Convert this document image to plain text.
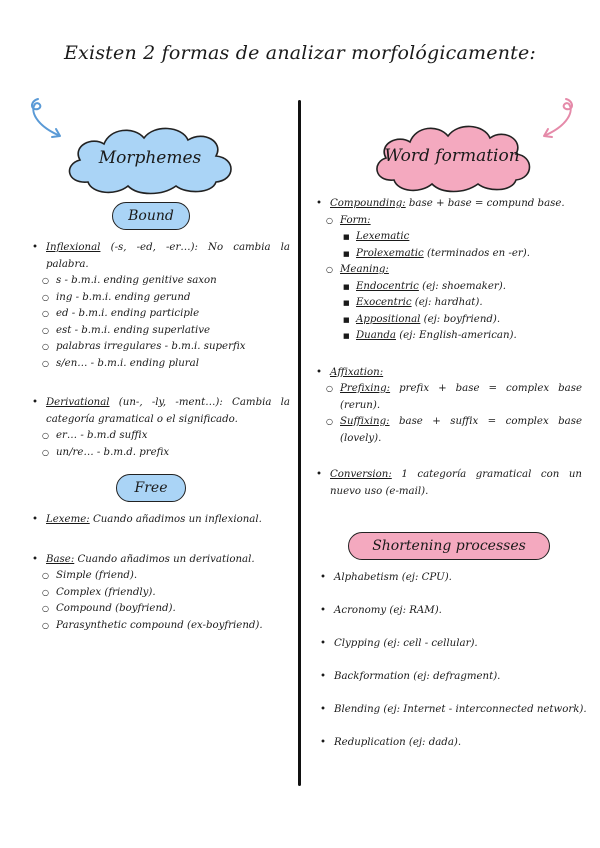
Existen 2 formas de analizar morfológicamente:
Morphemes	Word formation
Bound
Free
Shortening processes
• Inflexional (-s, -ed, -er…): No cambia la palabra.
○ s - b.m.i. ending genitive saxon
○ ing - b.m.i. ending gerund
○ ed - b.m.i. ending participle
○ est - b.m.i. ending superlative
○ palabras irregulares - b.m.i. superfix
○ s/en… - b.m.i. ending plural
• Derivational (un-, -ly, -ment…): Cambia la categoría gramatical o el significado.
○ er… - b.m.d suffix
○ un/re… - b.m.d. prefix
• Lexeme: Cuando añadimos un inflexional.
• Base: Cuando añadimos un derivational.
○ Simple (friend).
○ Complex (friendly).
○ Compound (boyfriend).
○ Parasynthetic compound (ex-boyfriend).
• Compounding: base + base = compund base.
○ Form:
■ Lexematic
■ Prolexematic (terminados en -er).
○ Meaning:
■ Endocentric (ej: shoemaker).
■ Exocentric (ej: hardhat).
■ Appositional (ej: boyfriend).
■ Duanda (ej: English-american).
• Affixation:
○ Prefixing: prefix + base = complex base (rerun).
○ Suffixing: base + suffix = complex base (lovely).
• Conversion: 1 categoría gramatical con un nuevo uso (e-mail).
• Alphabetism (ej: CPU).
• Acronomy (ej: RAM).
• Clypping (ej: cell - cellular).
• Backformation (ej: defragment).
• Blending (ej: Internet - interconnected network).
• Reduplication (ej: dada).
